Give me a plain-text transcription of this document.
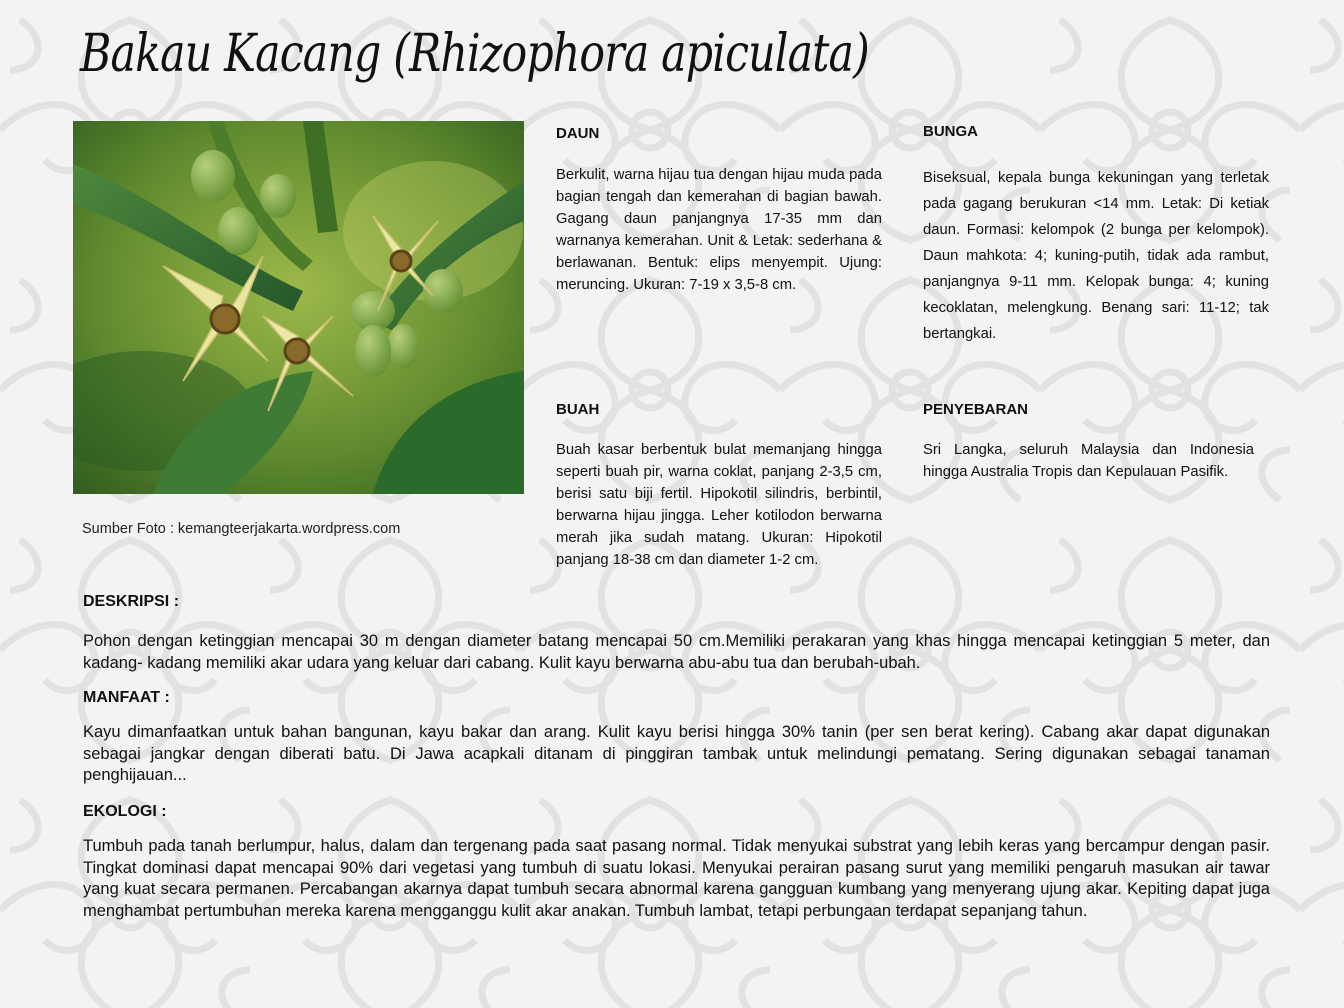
Bakau Kacang (Rhizophora apiculata)
Sumber Foto : kemangteerjakarta.wordpress.com
DAUN

Berkulit, warna hijau tua dengan hijau muda pada bagian tengah dan kemerahan di bagian bawah. Gagang daun panjangnya 17-35 mm dan warnanya kemerahan. Unit & Letak: sederhana & berlawanan. Bentuk: elips menyempit. Ujung: meruncing. Ukuran: 7-19 x 3,5-8 cm.

BUNGA

Biseksual, kepala bunga kekuningan yang terletak pada gagang berukuran <14 mm. Letak: Di ketiak daun. Formasi: kelompok (2 bunga per kelompok). Daun mahkota: 4; kuning-putih, tidak ada rambut, panjangnya 9-11 mm. Kelopak bunga: 4; kuning kecoklatan, melengkung. Benang sari: 11-12; tak bertangkai.

BUAH

Buah kasar berbentuk bulat memanjang hingga seperti buah pir, warna coklat, panjang 2-3,5 cm, berisi satu biji fertil. Hipokotil silindris, berbintil, berwarna hijau jingga. Leher kotilodon berwarna merah jika sudah matang. Ukuran: Hipokotil panjang 18-38 cm dan diameter 1-2 cm.

PENYEBARAN

Sri Langka, seluruh Malaysia dan Indonesia hingga Australia Tropis dan Kepulauan Pasifik.

DESKRIPSI :

Pohon dengan ketinggian mencapai 30 m dengan diameter batang mencapai 50 cm.Memiliki perakaran yang khas hingga mencapai ketinggian 5 meter, dan kadang- kadang memiliki akar udara yang keluar dari cabang. Kulit kayu berwarna abu-abu tua dan berubah-ubah.

MANFAAT :

Kayu dimanfaatkan untuk bahan bangunan, kayu bakar dan arang. Kulit kayu berisi hingga 30% tanin (per sen berat kering). Cabang akar dapat digunakan sebagai jangkar dengan diberati batu. Di Jawa acapkali ditanam di pinggiran tambak untuk melindungi pematang. Sering digunakan sebagai tanaman penghijauan...

EKOLOGI :

Tumbuh pada tanah berlumpur, halus, dalam dan tergenang pada saat pasang normal. Tidak menyukai substrat yang lebih keras yang bercampur dengan pasir. Tingkat dominasi dapat mencapai 90% dari vegetasi yang tumbuh di suatu lokasi. Menyukai perairan pasang surut yang memiliki pengaruh masukan air tawar yang kuat secara permanen. Percabangan akarnya dapat tumbuh secara abnormal karena gangguan kumbang yang menyerang ujung akar. Kepiting dapat juga menghambat pertumbuhan mereka karena mengganggu kulit akar anakan. Tumbuh lambat, tetapi perbungaan terdapat sepanjang tahun.
